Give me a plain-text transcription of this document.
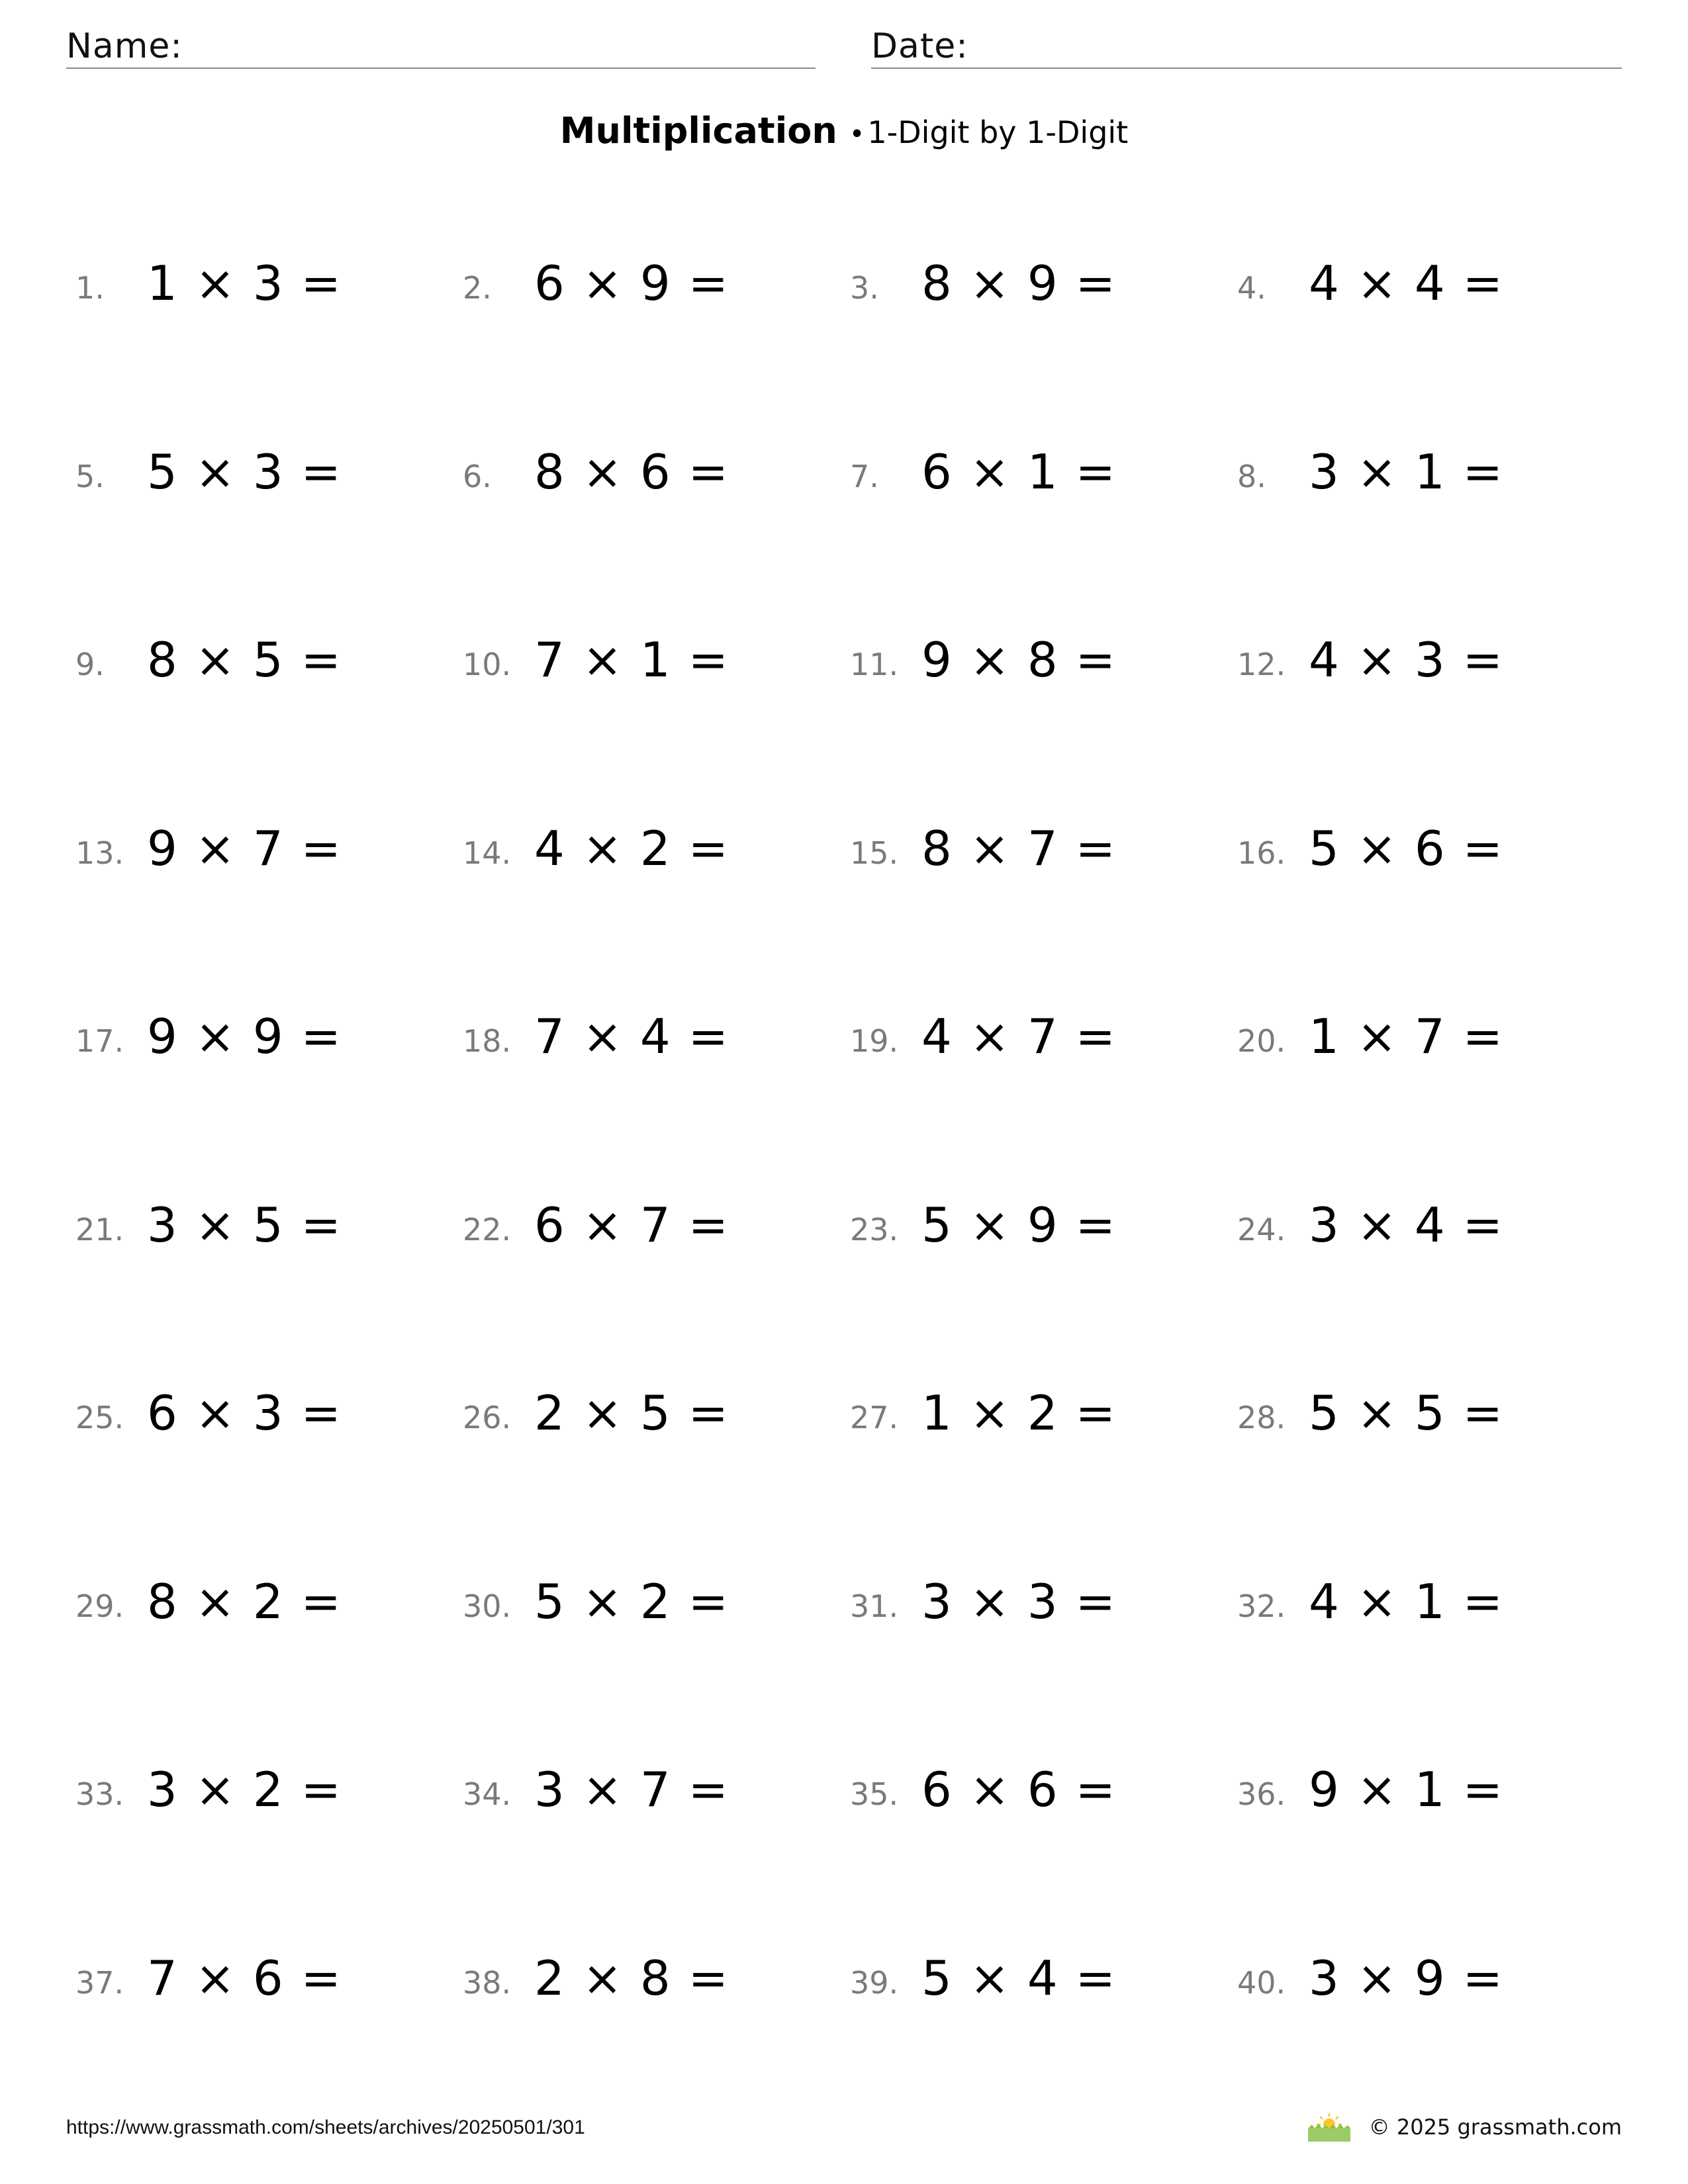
Name:	Date:
Multiplication •1-Digit by 1-Digit
1. 1 × 3 =	2. 6 × 9 =	3. 8 × 9 =	4. 4 × 4 =
5. 5 × 3 =	6. 8 × 6 =	7. 6 × 1 =	8. 3 × 1 =
9. 8 × 5 =	10. 7 × 1 =	11. 9 × 8 =	12. 4 × 3 =
13. 9 × 7 =	14. 4 × 2 =	15. 8 × 7 =	16. 5 × 6 =
17. 9 × 9 =	18. 7 × 4 =	19. 4 × 7 =	20. 1 × 7 =
21. 3 × 5 =	22. 6 × 7 =	23. 5 × 9 =	24. 3 × 4 =
25. 6 × 3 =	26. 2 × 5 =	27. 1 × 2 =	28. 5 × 5 =
29. 8 × 2 =	30. 5 × 2 =	31. 3 × 3 =	32. 4 × 1 =
33. 3 × 2 =	34. 3 × 7 =	35. 6 × 6 =	36. 9 × 1 =
37. 7 × 6 =	38. 2 × 8 =	39. 5 × 4 =	40. 3 × 9 =
https://www.grassmath.com/sheets/archives/20250501/301	© 2025 grassmath.com
